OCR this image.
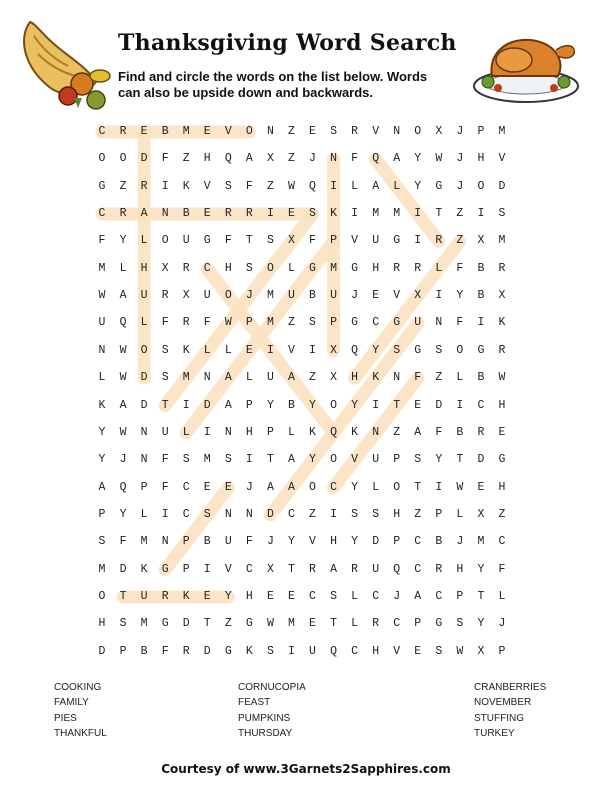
Thanksgiving Word Search
Find and circle the words on the list below. Words
can also be upside down and backwards.
C	R	E	B	M	E	V	O	N	Z	E	S	R	V	N	O	X	J	P	M
O	O	D	F	Z	H	Q	A	X	Z	J	N	F	Q	A	Y	W	J	H	V
G	Z	R	I	K	V	S	F	Z	W	Q	I	L	A	L	Y	G	J	O	D
C	R	A	N	B	E	R	R	I	E	S	K	I	M	M	I	T	Z	I	S
F	Y	L	O	U	G	F	T	S	X	F	P	V	U	G	I	R	Z	X	M
M	L	H	X	R	C	H	S	O	L	G	M	G	H	R	R	L	F	B	R
W	A	U	R	X	U	O	J	M	U	B	U	J	E	V	X	I	Y	B	X
U	Q	L	F	R	F	W	P	M	Z	S	P	G	C	G	U	N	F	I	K
N	W	O	S	K	L	L	E	I	V	I	X	Q	Y	S	G	S	O	G	R
L	W	D	S	M	N	A	L	U	A	Z	X	H	K	N	F	Z	L	B	W
K	A	D	T	I	D	A	P	Y	B	Y	O	Y	I	T	E	D	I	C	H
Y	W	N	U	L	I	N	H	P	L	K	Q	K	N	Z	A	F	B	R	E
Y	J	N	F	S	M	S	I	T	A	Y	O	V	U	P	S	Y	T	D	G
A	Q	P	F	C	E	E	J	A	A	O	C	Y	L	O	T	I	W	E	H
P	Y	L	I	C	S	N	N	D	C	Z	I	S	S	H	Z	P	L	X	Z
S	F	M	N	P	B	U	F	J	Y	V	H	Y	D	P	C	B	J	M	C
M	D	K	G	P	I	V	C	X	T	R	A	R	U	Q	C	R	H	Y	F
O	T	U	R	K	E	Y	H	E	E	C	S	L	C	J	A	C	P	T	L
H	S	M	G	D	T	Z	G	W	M	E	T	L	R	C	P	G	S	Y	J
D	P	B	F	R	D	G	K	S	I	U	Q	C	H	V	E	S	W	X	P
COOKING
FAMILY
PIES
THANKFUL
CORNUCOPIA
FEAST
PUMPKINS
THURSDAY
CRANBERRIES
NOVEMBER
STUFFING
TURKEY
Courtesy of www.3Garnets2Sapphires.com
